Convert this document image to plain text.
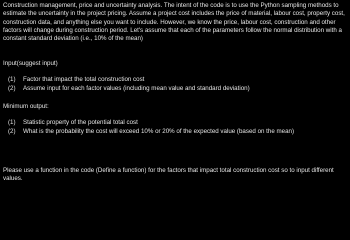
Construction management, price and uncertainty analysis. The intent of the code is to use the Python sampling methods to estimate the uncertainty in the project pricing. Assume a project cost includes the price of material, labour cost, property cost, construction data, and anything else you want to include. However, we know the price, labour cost, construction and other factors will change during construction period. Let's assume that each of the parameters follow the normal distribution with a constant standard deviation (i.e., 10% of the mean)

Input(suggest input)

(1) Factor that impact the total construction cost
(2) Assume input for each factor values (including mean value and standard deviation)

Minimum output:

(1) Statistic property of the potential total cost
(2) What is the probability the cost will exceed 10% or 20% of the expected value (based on the mean)

Please use a function in the code (Define a function) for the factors that impact total construction cost so to input different values.
